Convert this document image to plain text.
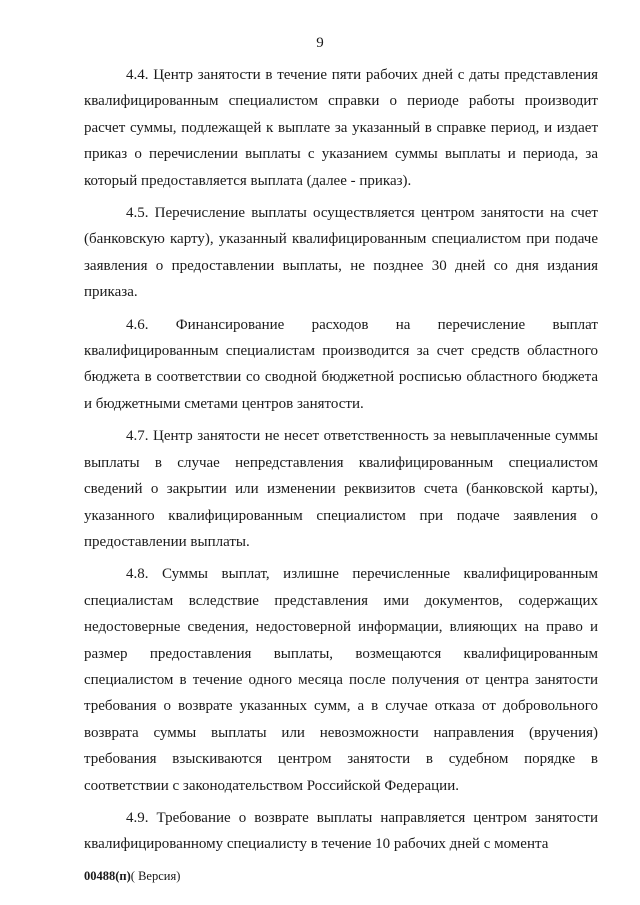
9

4.4. Центр занятости в течение пяти рабочих дней с даты представления квалифицированным специалистом справки о периоде работы производит расчет суммы, подлежащей к выплате за указанный в справке период, и издает приказ о перечислении выплаты с указанием суммы выплаты и периода, за который предоставляется выплата (далее - приказ).

4.5. Перечисление выплаты осуществляется центром занятости на счет (банковскую карту), указанный квалифицированным специалистом при подаче заявления о предоставлении выплаты, не позднее 30 дней со дня издания приказа.

4.6. Финансирование расходов на перечисление выплат квалифицированным специалистам производится за счет средств областного бюджета в соответствии со сводной бюджетной росписью областного бюджета и бюджетными сметами центров занятости.

4.7. Центр занятости не несет ответственность за невыплаченные суммы выплаты в случае непредставления квалифицированным специалистом сведений о закрытии или изменении реквизитов счета (банковской карты), указанного квалифицированным специалистом при подаче заявления о предоставлении выплаты.

4.8. Суммы выплат, излишне перечисленные квалифицированным специалистам вследствие представления ими документов, содержащих недостоверные сведения, недостоверной информации, влияющих на право и размер предоставления выплаты, возмещаются квалифицированным специалистом в течение одного месяца после получения от центра занятости требования о возврате указанных сумм, а в случае отказа от добровольного возврата суммы выплаты или невозможности направления (вручения) требования взыскиваются центром занятости в судебном порядке в соответствии с законодательством Российской Федерации.

4.9. Требование о возврате выплаты направляется центром занятости квалифицированному специалисту в течение 10 рабочих дней с момента

00488(п)( Версия)
